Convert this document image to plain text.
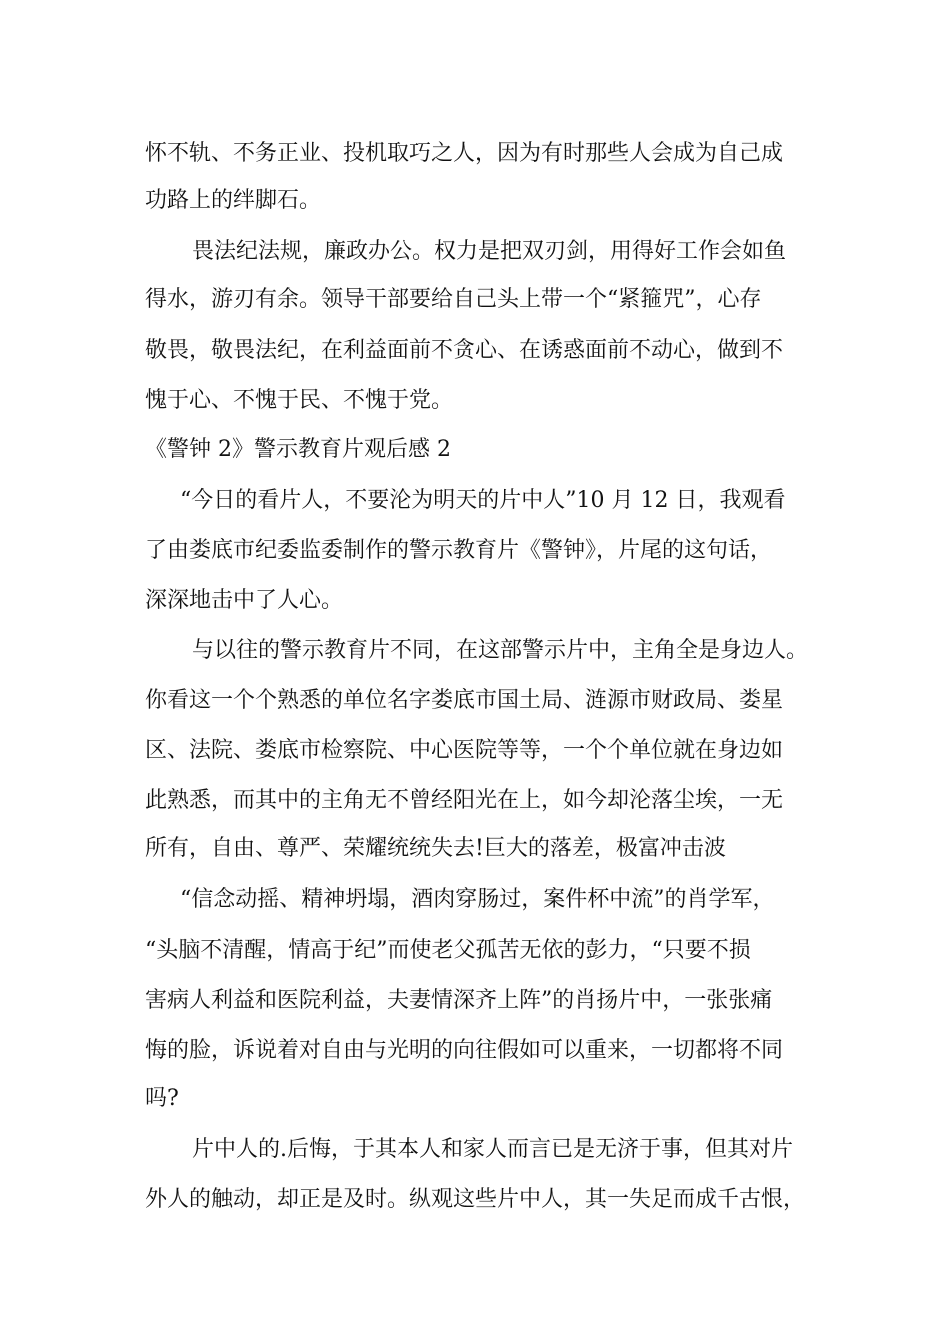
怀不轨、不务正业、投机取巧之人，因为有时那些人会成为自己成
功路上的绊脚石。
畏法纪法规，廉政办公。权力是把双刃剑，用得好工作会如鱼
得水，游刃有余。领导干部要给自己头上带一个“紧箍咒”，心存
敬畏，敬畏法纪，在利益面前不贪心、在诱惑面前不动心，做到不
愧于心、不愧于民、不愧于党。
《警钟 2》警示教育片观后感 2
“今日的看片人，不要沦为明天的片中人”10 月 12 日，我观看
了由娄底市纪委监委制作的警示教育片《警钟》，片尾的这句话，
深深地击中了人心。
与以往的警示教育片不同，在这部警示片中，主角全是身边人。
你看这一个个熟悉的单位名字娄底市国土局、涟源市财政局、娄星
区、法院、娄底市检察院、中心医院等等，一个个单位就在身边如
此熟悉，而其中的主角无不曾经阳光在上，如今却沦落尘埃，一无
所有，自由、尊严、荣耀统统失去!巨大的落差，极富冲击波
“信念动摇、精神坍塌，酒肉穿肠过，案件杯中流”的肖学军，
“头脑不清醒，情高于纪”而使老父孤苦无依的彭力，“只要不损
害病人利益和医院利益，夫妻情深齐上阵”的肖扬片中，一张张痛
悔的脸，诉说着对自由与光明的向往假如可以重来，一切都将不同
吗?
片中人的.后悔，于其本人和家人而言已是无济于事，但其对片
外人的触动，却正是及时。纵观这些片中人，其一失足而成千古恨，
